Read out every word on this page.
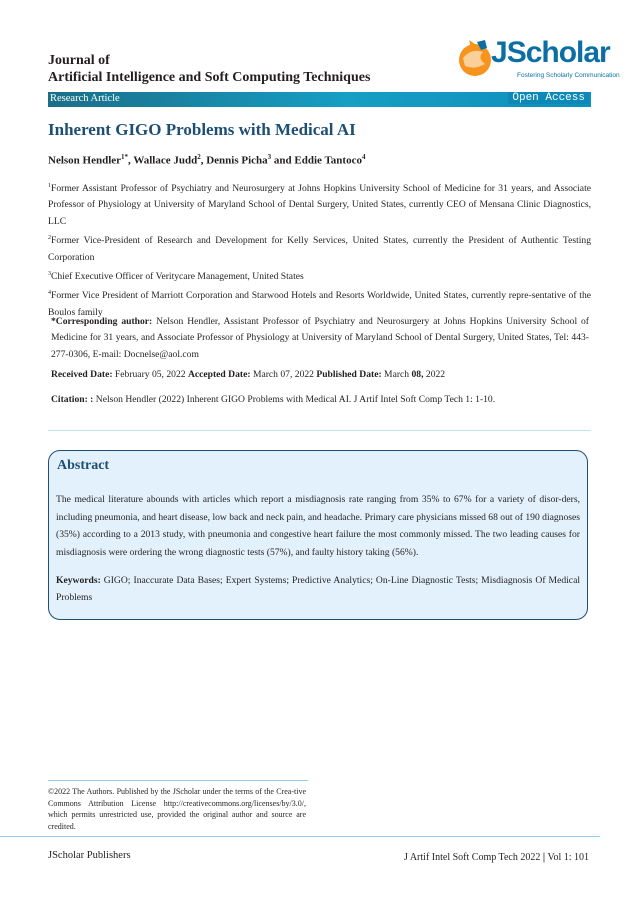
Journal of
Artificial Intelligence and Soft Computing Techniques
JScholar
Fostering Scholarly Communication
Research Article	Open Access
Inherent GIGO Problems with Medical AI
Nelson Hendler$^{1*}$, Wallace Judd$^2$, Dennis Picha$^3$ and Eddie Tantoco$^4$

$^1$Former Assistant Professor of Psychiatry and Neurosurgery at Johns Hopkins University School of Medicine for 31 years, and Associate Professor of Physiology at University of Maryland School of Dental Surgery, United States, currently CEO of Mensana Clinic Diagnostics, LLC

$^2$Former Vice-President of Research and Development for Kelly Services, United States, currently the President of Authentic Testing Corporation

$^3$Chief Executive Officer of Veritycare Management, United States

$^4$Former Vice President of Marriott Corporation and Starwood Hotels and Resorts Worldwide, United States, currently repre-sentative of the Boulos family

*Corresponding author: Nelson Hendler, Assistant Professor of Psychiatry and Neurosurgery at Johns Hopkins University School of Medicine for 31 years, and Associate Professor of Physiology at University of Maryland School of Dental Surgery, United States, Tel: 443-277-0306, E-mail: Docnelse@aol.com
Received Date: February 05, 2022 Accepted Date: March 07, 2022 Published Date: March 08, 2022
Citation: : Nelson Hendler (2022) Inherent GIGO Problems with Medical AI. J Artif Intel Soft Comp Tech 1: 1-10.
Abstract
The medical literature abounds with articles which report a misdiagnosis rate ranging from 35% to 67% for a variety of disor-ders, including pneumonia, and heart disease, low back and neck pain, and headache. Primary care physicians missed 68 out of 190 diagnoses (35%) according to a 2013 study, with pneumonia and congestive heart failure the most commonly missed. The two leading causes for misdiagnosis were ordering the wrong diagnostic tests (57%), and faulty history taking (56%).
Keywords: GIGO; Inaccurate Data Bases; Expert Systems; Predictive Analytics; On-Line Diagnostic Tests; Misdiagnosis Of Medical Problems
©2022 The Authors. Published by the JScholar under the terms of the Crea-tive Commons Attribution License http://creativecommons.org/licenses/by/3.0/, which permits unrestricted use, provided the original author and source are credited.
JScholar Publishers	J Artif Intel Soft Comp Tech 2022 | Vol 1: 101
